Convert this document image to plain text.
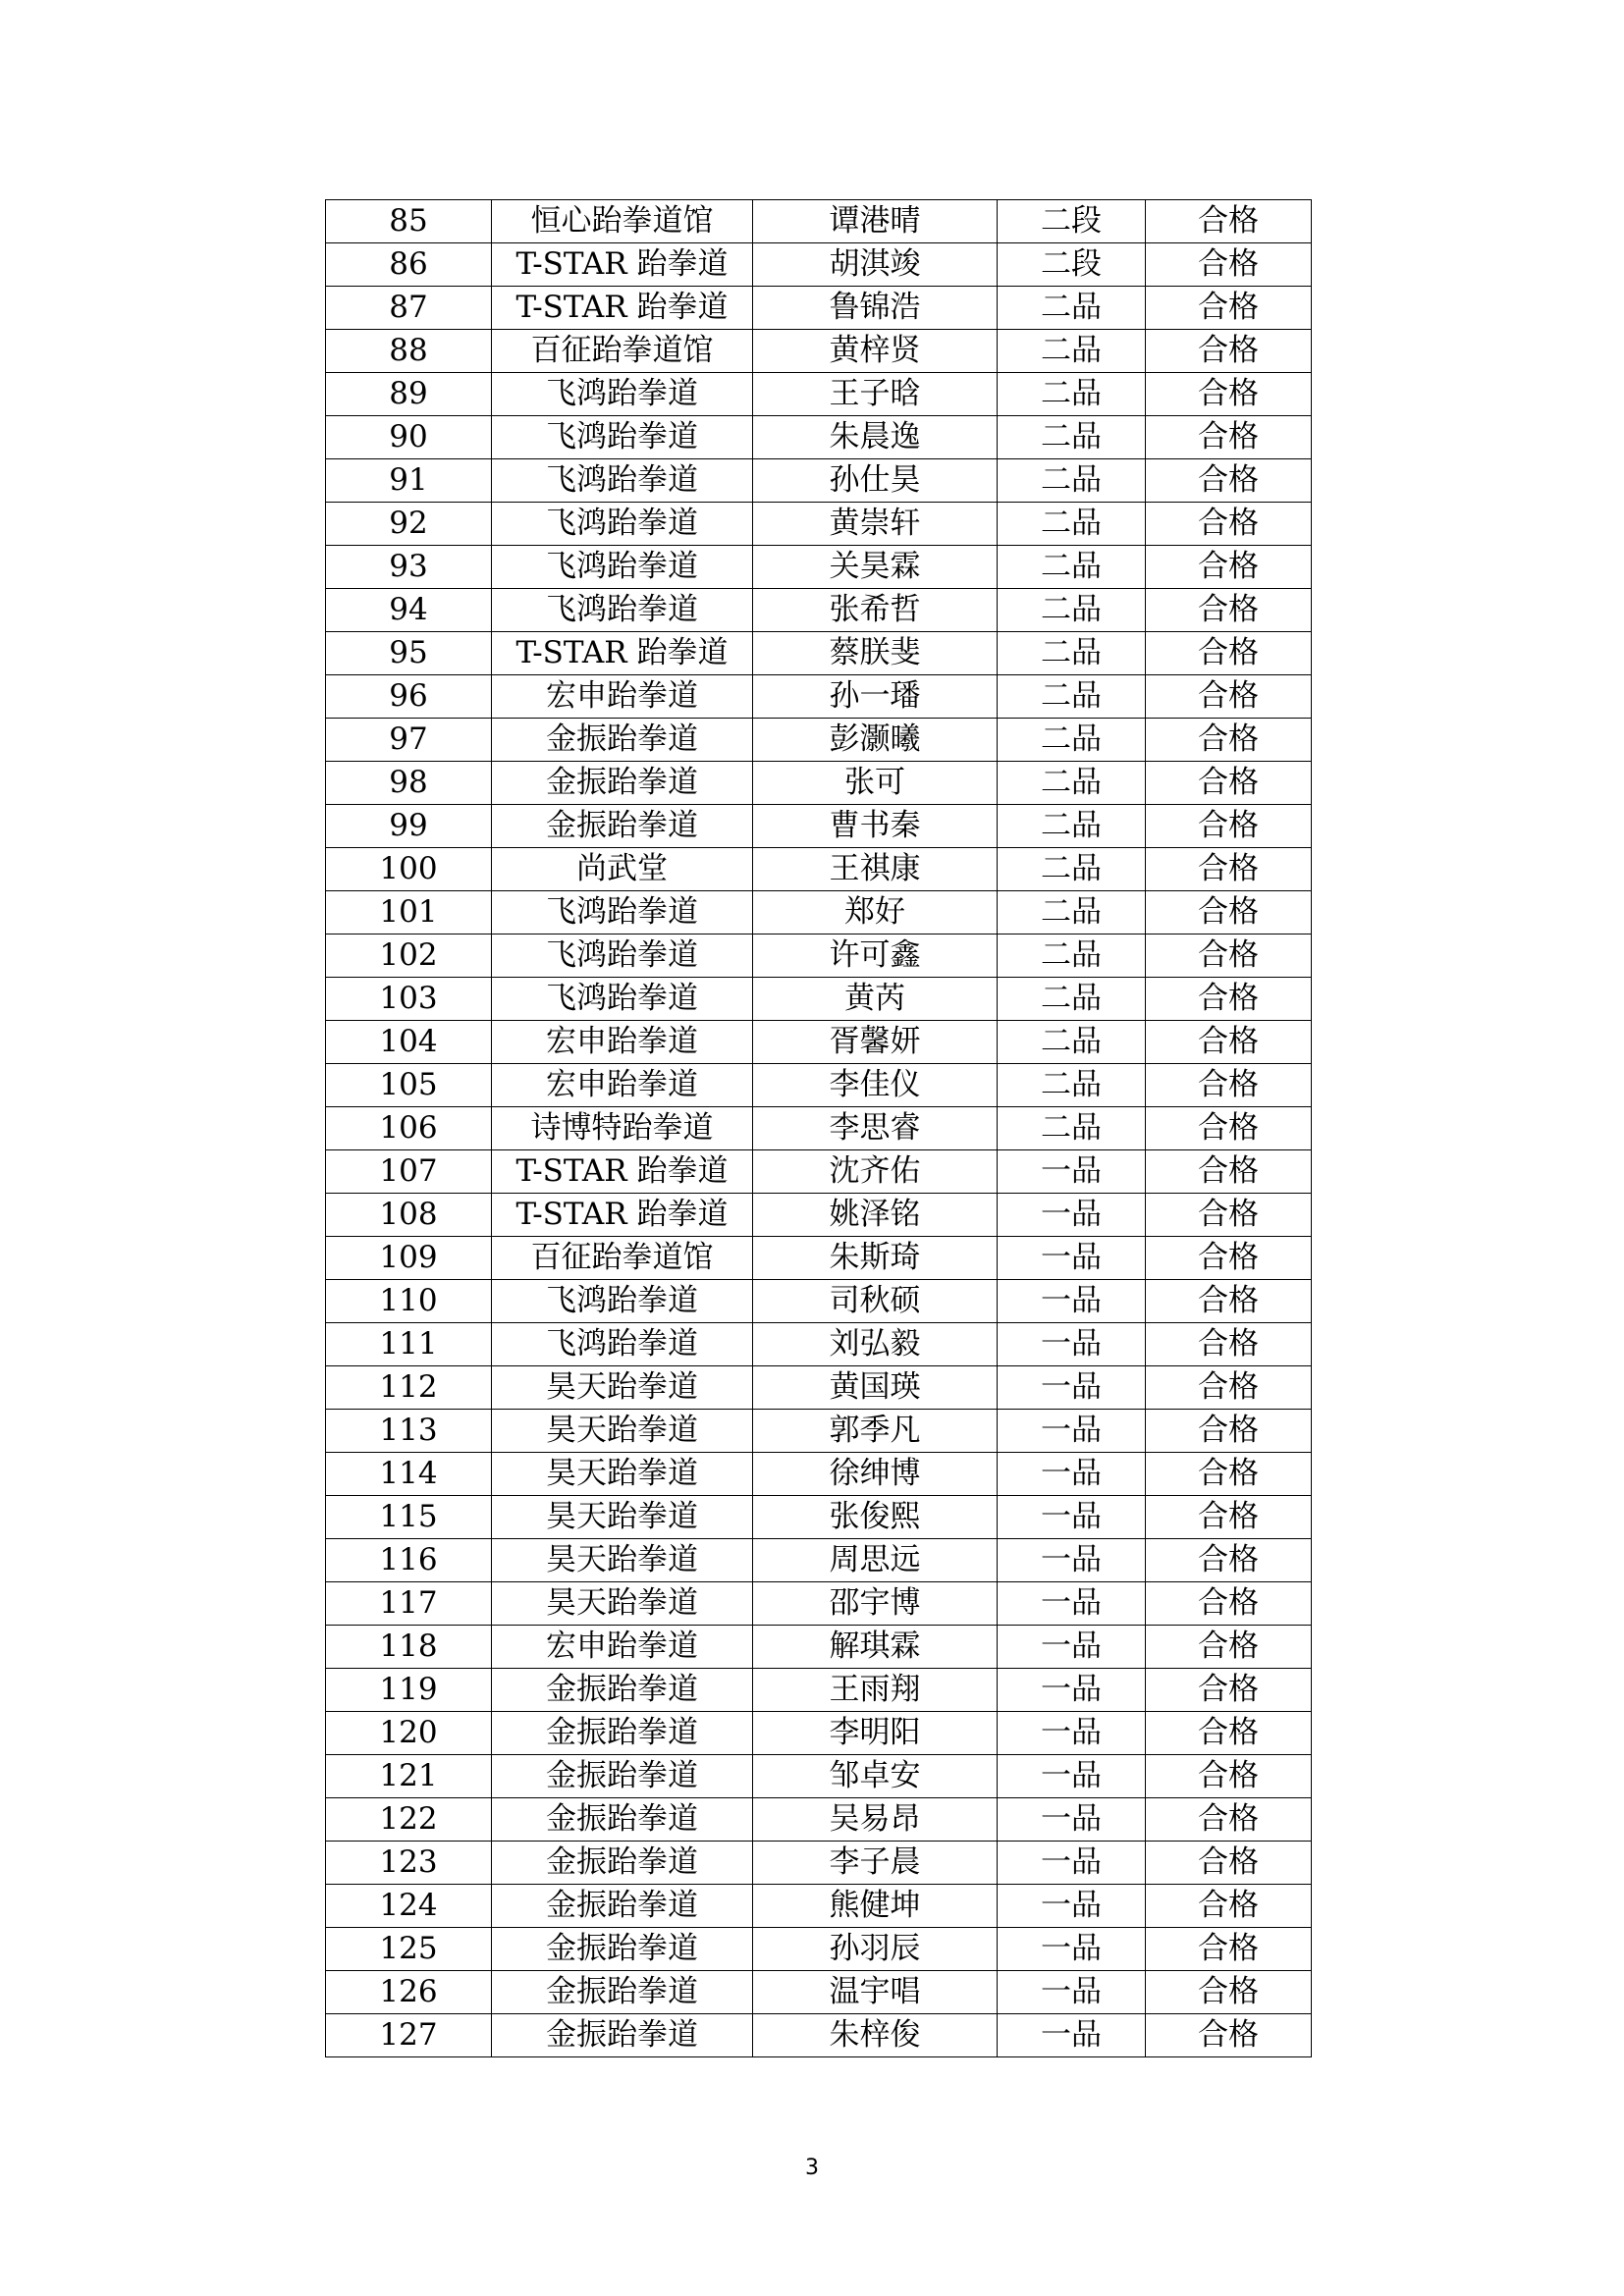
85	恒心跆拳道馆	谭港晴	二段	合格
86	T-STAR 跆拳道	胡淇竣	二段	合格
87	T-STAR 跆拳道	鲁锦浩	二品	合格
88	百征跆拳道馆	黄梓贤	二品	合格
89	飞鸿跆拳道	王子晗	二品	合格
90	飞鸿跆拳道	朱晨逸	二品	合格
91	飞鸿跆拳道	孙仕昊	二品	合格
92	飞鸿跆拳道	黄崇轩	二品	合格
93	飞鸿跆拳道	关昊霖	二品	合格
94	飞鸿跆拳道	张希哲	二品	合格
95	T-STAR 跆拳道	蔡朕斐	二品	合格
96	宏申跆拳道	孙一璠	二品	合格
97	金振跆拳道	彭灏曦	二品	合格
98	金振跆拳道	张可	二品	合格
99	金振跆拳道	曹书秦	二品	合格
100	尚武堂	王祺康	二品	合格
101	飞鸿跆拳道	郑好	二品	合格
102	飞鸿跆拳道	许可鑫	二品	合格
103	飞鸿跆拳道	黄芮	二品	合格
104	宏申跆拳道	胥馨妍	二品	合格
105	宏申跆拳道	李佳仪	二品	合格
106	诗博特跆拳道	李思睿	二品	合格
107	T-STAR 跆拳道	沈齐佑	一品	合格
108	T-STAR 跆拳道	姚泽铭	一品	合格
109	百征跆拳道馆	朱斯琦	一品	合格
110	飞鸿跆拳道	司秋硕	一品	合格
111	飞鸿跆拳道	刘弘毅	一品	合格
112	昊天跆拳道	黄国瑛	一品	合格
113	昊天跆拳道	郭季凡	一品	合格
114	昊天跆拳道	徐绅博	一品	合格
115	昊天跆拳道	张俊熙	一品	合格
116	昊天跆拳道	周思远	一品	合格
117	昊天跆拳道	邵宇博	一品	合格
118	宏申跆拳道	解琪霖	一品	合格
119	金振跆拳道	王雨翔	一品	合格
120	金振跆拳道	李明阳	一品	合格
121	金振跆拳道	邹卓安	一品	合格
122	金振跆拳道	吴易昂	一品	合格
123	金振跆拳道	李子晨	一品	合格
124	金振跆拳道	熊健坤	一品	合格
125	金振跆拳道	孙羽辰	一品	合格
126	金振跆拳道	温宇唱	一品	合格
127	金振跆拳道	朱梓俊	一品	合格
3
